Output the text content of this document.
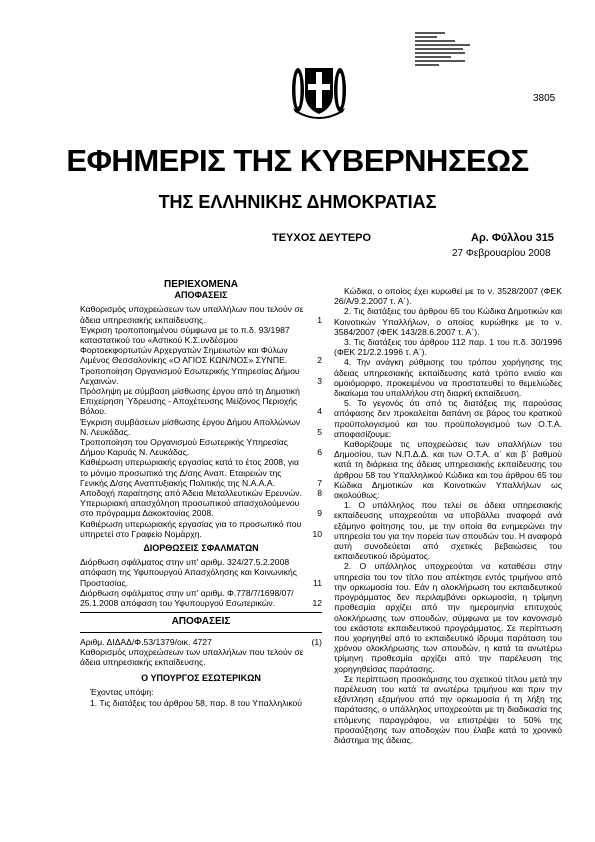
3805
ΕΦΗΜΕΡΙΣ ΤΗΣ ΚΥΒΕΡΝΗΣΕΩΣ
ΤΗΣ ΕΛΛΗΝΙΚΗΣ ΔΗΜΟΚΡΑΤΙΑΣ
ΤΕΥΧΟΣ ΔΕΥΤΕΡΟ	Αρ. Φύλλου 315
27 Φεβρουαρίου 2008
ΠΕΡΙΕΧΟΜΕΝΑ
ΑΠΟΦΑΣΕΙΣ
Καθορισμός υποχρεώσεων των υπαλλήλων που τελούν σε άδεια υπηρεσιακής εκπαίδευσης.	1
Έγκριση τροποποιημένου σύμφωνα με το π.δ. 93/1987 καταστατικού του «Αστικού Κ.Σ.υνδέσμου Φορτοεκφορτωτών Αρχεργατών Σημειωτών και Φύλων Λιμένος Θεσσαλονίκης «Ο ΑΓΙΟΣ ΚΩΝ/ΝΟΣ» ΣΥΝΠΕ.	2
Τροποποίηση Οργανισμού Εσωτερικής Υπηρεσίας Δήμου Λεχαινών.	3
Πρόσληψη με σύμβαση μίσθωσης έργου από τη Δημοτική Επιχείρηση Ύδρευσης - Αποχέτευσης Μείζονος Περιοχής Βόλου.	4
Έγκριση συμβάσεων μίσθωσης έργου Δήμου Απολλώνων Ν. Λευκάδας.	5
Τροποποίηση του Οργανισμού Εσωτερικής Υπηρεσίας Δήμου Καρυάς Ν. Λευκάδας.	6
Καθιέρωση υπερωριακής εργασίας κατά το έτος 2008, για το μόνιμο προσωπικό της Δ/σης Αναπ. Εταιρειών της Γενικής Δ/σης Αναπτυξιακής Πολιτικής της Ν.Α.Α.Α.	7
Αποδοχή παραίτησης από Άδεια Μεταλλευτικών Ερευνών.	8
Υπερωριακή απασχόληση προσωπικού απασχολούμενου στο πρόγραμμα Δακοκτονίας 2008.	9
Καθιέρωση υπερωριακής εργασίας για το προσωπικό που υπηρετεί στο Γραφείο Νομάρχη.	10
ΔΙΟΡΘΩΣΕΙΣ ΣΦΑΛΜΑΤΩΝ
Διόρθωση σφάλματος στην υπ' αριθμ. 324/27.5.2.2008 απόφαση της Υφυπουργού Απασχόλησης και Κοινωνικής Προστασίας.	11
Διόρθωση σφάλματος στην υπ' αριθμ. Φ.778/7/1698/07/ 25.1.2008 απόφαση του Υφυπουργού Εσωτερικών.	12
ΑΠΟΦΑΣΕΙΣ
Αριθμ. ΔΙΔΑΔ/Φ.53/1379/οικ. 4727	(1)
Καθορισμός υποχρεώσεων των υπαλλήλων που τελούν σε άδεια υπηρεσιακής εκπαίδευσης.
Ο ΥΠΟΥΡΓΟΣ ΕΣΩΤΕΡΙΚΩΝ
Έχοντας υπόψη:
1. Τις διατάξεις του άρθρου 58, παρ. 8 του Υπαλληλικού
Κώδικα, ο οποίος έχει κυρωθεί με το ν. 3528/2007 (ΦΕΚ 26/Α/9.2.2007 τ. Α΄).
2. Τις διατάξεις του άρθρου 65 του Κώδικα Δημοτικών και Κοινοτικών Υπαλλήλων, ο οποίος κυρώθηκε με το ν. 3584/2007 (ΦΕΚ 143/28.6.2007 τ. Α΄).
3. Τις διατάξεις του άρθρου 112 παρ. 1 του π.δ. 30/1996 (ΦΕΚ 21/2.2.1996 τ. Α΄).
4. Την ανάγκη ρύθμισης του τρόπου χορήγησης της άδειας υπηρεσιακής εκπαίδευσης κατά τρόπο ενιαίο και ομοιόμορφο, προκειμένου να προστατευθεί το θεμελιώδες δικαίωμα του υπαλλήλου στη διαρκή εκπαίδευση.
5. Το γεγονός ότι από τις διατάξεις της παρούσας απόφασης δεν προκαλείται δαπάνη σε βάρος του κρατικού προϋπολογισμού και του προϋπολογισμού των Ο.Τ.Α. αποφασίζουμε:
Καθορίζουμε τις υποχρεώσεις των υπαλλήλων του Δημοσίου, των Ν.Π.Δ.Δ. και των Ο.Τ.Α. α΄ και β΄ βαθμού κατά τη διάρκεια της άδειας υπηρεσιακής εκπαίδευσης του άρθρου 58 του Υπαλληλικού Κώδικα και του άρθρου 65 του Κώδικα Δημοτικών και Κοινοτικών Υπαλλήλων ως ακολούθως:
1. Ο υπάλληλος που τελεί σε άδεια υπηρεσιακής εκπαίδευσης υποχρεούται να υποβάλλει αναφορά ανά εξάμηνο φοίτησης του, με την οποία θα ενημερώνει την υπηρεσία του για την πορεία των σπουδών του. Η αναφορά αυτή συνοδεύεται από σχετικές βεβαιώσεις του εκπαιδευτικού ιδρύματος.
2. Ο υπάλληλος υποχρεούται να καταθέσει στην υπηρεσία του τον τίτλο που απέκτησε εντός τριμήνου από την ορκωμοσία του. Εάν η ολοκλήρωση του εκπαιδευτικού προγράμματος δεν περιλαμβάνει ορκωμοσία, η τρίμηνη προθεσμία αρχίζει από την ημερομηνία επιτυχούς ολοκλήρωσης των σπουδών, σύμφωνα με τον κανονισμό του εκάστοτε εκπαιδευτικού προγράμματος. Σε περίπτωση που χορηγηθεί από το εκπαιδευτικό ίδρυμα παράταση του χρόνου ολοκλήρωσης των σπουδών, η κατά τα ανωτέρω τρίμηνη προθεσμία αρχίζει από την παρέλευση της χορηγηθείσας παράτασης.
Σε περίπτωση προσκόμισης του σχετικού τίτλου μετά την παρέλευση του κατά τα ανωτέρω τριμήνου και πριν την εξάντληση εξαμήνου από την ορκωμοσία ή τη λήξη της παράτασης, ο υπάλληλος υποχρεούται με τη διαδικασία της επόμενης παραγράφου, να επιστρέψει το 50% της προσαύξησης των αποδοχών που έλαβε κατά το χρονικό διάστημα της άδειας.
